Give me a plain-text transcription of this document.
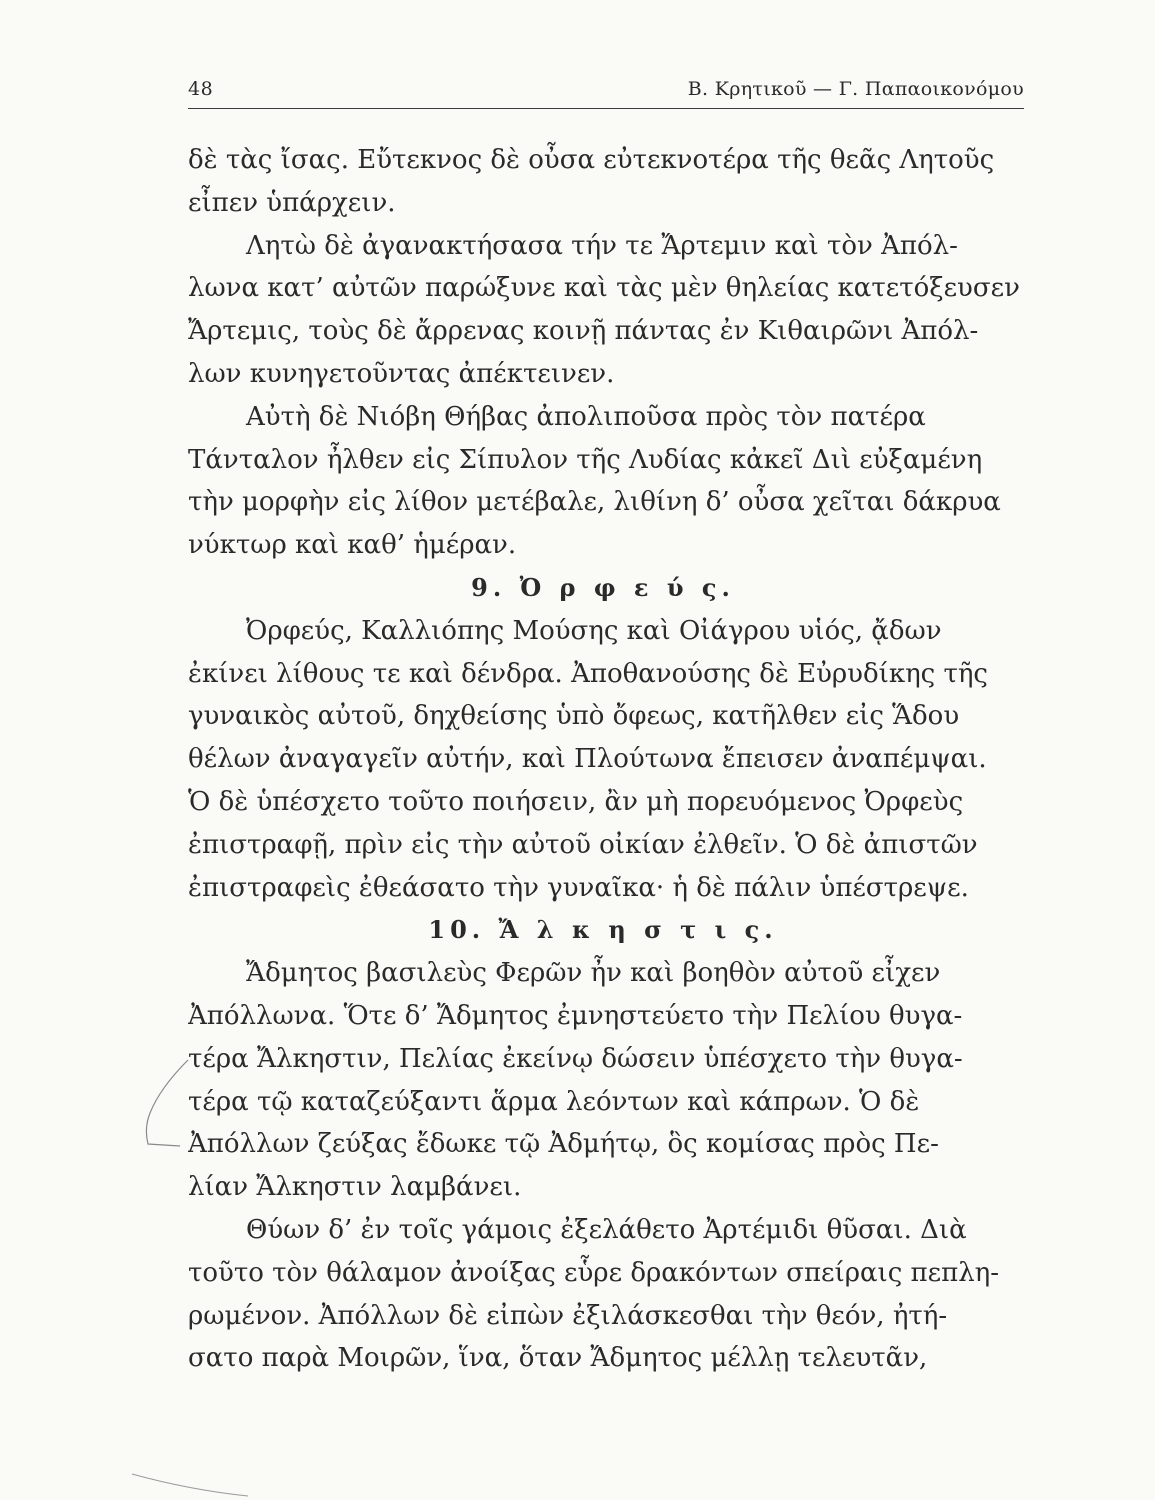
48	Β. Κρητικοῦ — Γ. Παπαοικονόμου
δὲ τὰς ἴσας. Εὔτεκνος δὲ οὖσα εὐτεκνοτέρα τῆς θεᾶς Λητοῦς
εἶπεν ὑπάρχειν.
Λητὼ δὲ ἀγανακτήσασα τήν τε Ἄρτεμιν καὶ τὸν Ἀπόλ-
λωνα κατ’ αὐτῶν παρώξυνε καὶ τὰς μὲν θηλείας κατετόξευσεν
Ἄρτεμις, τοὺς δὲ ἄρρενας κοινῇ πάντας ἐν Κιθαιρῶνι Ἀπόλ-
λων κυνηγετοῦντας ἀπέκτεινεν.
Αὐτὴ δὲ Νιόβη Θήβας ἀπολιποῦσα πρὸς τὸν πατέρα
Τάνταλον ἦλθεν εἰς Σίπυλον τῆς Λυδίας κἀκεῖ Διὶ εὐξαμένη
τὴν μορφὴν εἰς λίθον μετέβαλε, λιθίνη δ’ οὖσα χεῖται δάκρυα
νύκτωρ καὶ καθ’ ἡμέραν.
9. Ὀ ρ φ ε ύ ς.
Ὀρφεύς, Καλλιόπης Μούσης καὶ Οἰάγρου υἱός, ᾄδων
ἐκίνει λίθους τε καὶ δένδρα. Ἀποθανούσης δὲ Εὐρυδίκης τῆς
γυναικὸς αὐτοῦ, δηχθείσης ὑπὸ ὄφεως, κατῆλθεν εἰς Ἅδου
θέλων ἀναγαγεῖν αὐτήν, καὶ Πλούτωνα ἔπεισεν ἀναπέμψαι.
Ὁ δὲ ὑπέσχετο τοῦτο ποιήσειν, ἂν μὴ πορευόμενος Ὀρφεὺς
ἐπιστραφῇ, πρὶν εἰς τὴν αὐτοῦ οἰκίαν ἐλθεῖν. Ὁ δὲ ἀπιστῶν
ἐπιστραφεὶς ἐθεάσατο τὴν γυναῖκα· ἡ δὲ πάλιν ὑπέστρεψε.
10. Ἄ λ κ η σ τ ι ς.
Ἄδμητος βασιλεὺς Φερῶν ἦν καὶ βοηθὸν αὐτοῦ εἶχεν
Ἀπόλλωνα. Ὅτε δ’ Ἄδμητος ἐμνηστεύετο τὴν Πελίου θυγα-
τέρα Ἄλκηστιν, Πελίας ἐκείνῳ δώσειν ὑπέσχετο τὴν θυγα-
τέρα τῷ καταζεύξαντι ἅρμα λεόντων καὶ κάπρων. Ὁ δὲ
Ἀπόλλων ζεύξας ἔδωκε τῷ Ἀδμήτῳ, ὃς κομίσας πρὸς Πε-
λίαν Ἄλκηστιν λαμβάνει.
Θύων δ’ ἐν τοῖς γάμοις ἐξελάθετο Ἀρτέμιδι θῦσαι. Διὰ
τοῦτο τὸν θάλαμον ἀνοίξας εὗρε δρακόντων σπείραις πεπλη-
ρωμένον. Ἀπόλλων δὲ εἰπὼν ἐξιλάσκεσθαι τὴν θεόν, ἠτή-
σατο παρὰ Μοιρῶν, ἵνα, ὅταν Ἄδμητος μέλλῃ τελευτᾶν,
